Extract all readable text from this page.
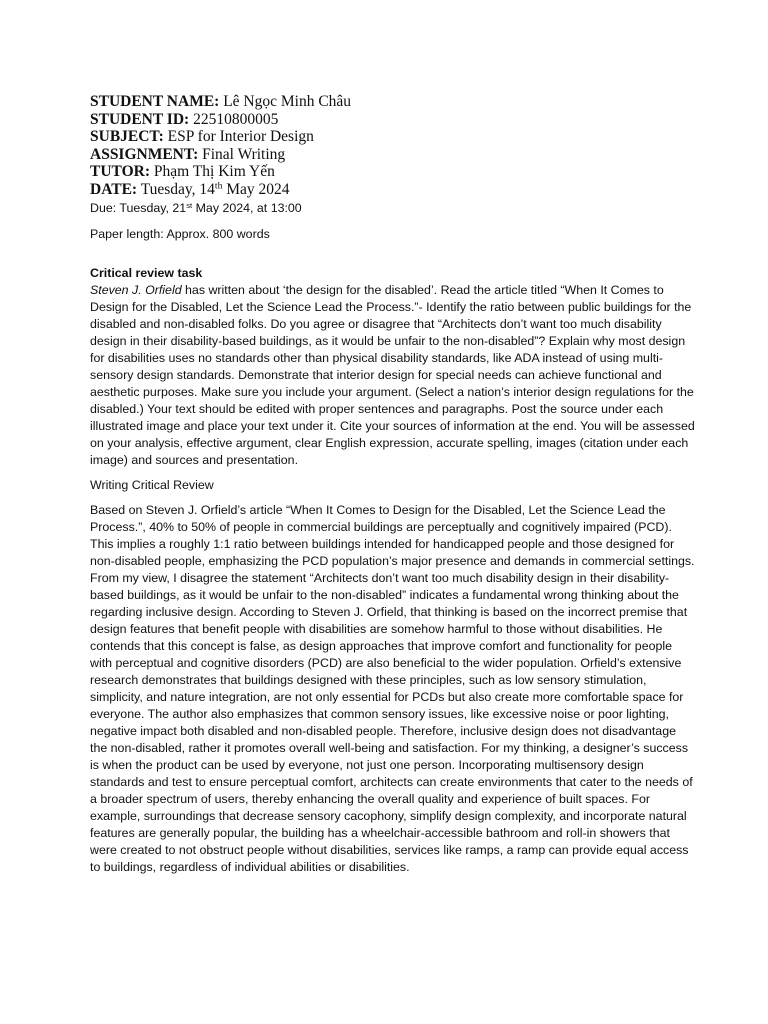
STUDENT NAME: Lê Ngọc Minh Châu
STUDENT ID: 22510800005
SUBJECT: ESP for Interior Design
ASSIGNMENT: Final Writing
TUTOR: Phạm Thị Kim Yến
DATE: Tuesday, 14th May 2024
Due: Tuesday, 21st May 2024, at 13:00
Paper length: Approx. 800 words
Critical review task

Steven J. Orfield has written about ‘the design for the disabled’. Read the article titled “When It Comes to Design for the Disabled, Let the Science Lead the Process.”- Identify the ratio between public buildings for the disabled and non-disabled folks. Do you agree or disagree that “Architects don’t want too much disability design in their disability-based buildings, as it would be unfair to the non-disabled”? Explain why most design for disabilities uses no standards other than physical disability standards, like ADA instead of using multi-sensory design standards. Demonstrate that interior design for special needs can achieve functional and aesthetic purposes. Make sure you include your argument. (Select a nation’s interior design regulations for the disabled.) Your text should be edited with proper sentences and paragraphs. Post the source under each illustrated image and place your text under it. Cite your sources of information at the end. You will be assessed on your analysis, effective argument, clear English expression, accurate spelling, images (citation under each image) and sources and presentation.

Writing Critical Review

Based on Steven J. Orfield’s article “When It Comes to Design for the Disabled, Let the Science Lead the Process.”, 40% to 50% of people in commercial buildings are perceptually and cognitively impaired (PCD). This implies a roughly 1:1 ratio between buildings intended for handicapped people and those designed for non-disabled people, emphasizing the PCD population’s major presence and demands in commercial settings.

From my view, I disagree the statement “Architects don’t want too much disability design in their disability-based buildings, as it would be unfair to the non-disabled” indicates a fundamental wrong thinking about the regarding inclusive design. According to Steven J. Orfield, that thinking is based on the incorrect premise that design features that benefit people with disabilities are somehow harmful to those without disabilities. He contends that this concept is false, as design approaches that improve comfort and functionality for people with perceptual and cognitive disorders (PCD) are also beneficial to the wider population. Orfield’s extensive research demonstrates that buildings designed with these principles, such as low sensory stimulation, simplicity, and nature integration, are not only essential for PCDs but also create more comfortable space for everyone. The author also emphasizes that common sensory issues, like excessive noise or poor lighting, negative impact both disabled and non-disabled people. Therefore, inclusive design does not disadvantage the non-disabled, rather it promotes overall well-being and satisfaction. For my thinking, a designer’s success is when the product can be used by everyone, not just one person. Incorporating multisensory design standards and test to ensure perceptual comfort, architects can create environments that cater to the needs of a broader spectrum of users, thereby enhancing the overall quality and experience of built spaces. For example, surroundings that decrease sensory cacophony, simplify design complexity, and incorporate natural features are generally popular, the building has a wheelchair-accessible bathroom and roll-in showers that were created to not obstruct people without disabilities, services like ramps, a ramp can provide equal access to buildings, regardless of individual abilities or disabilities.
